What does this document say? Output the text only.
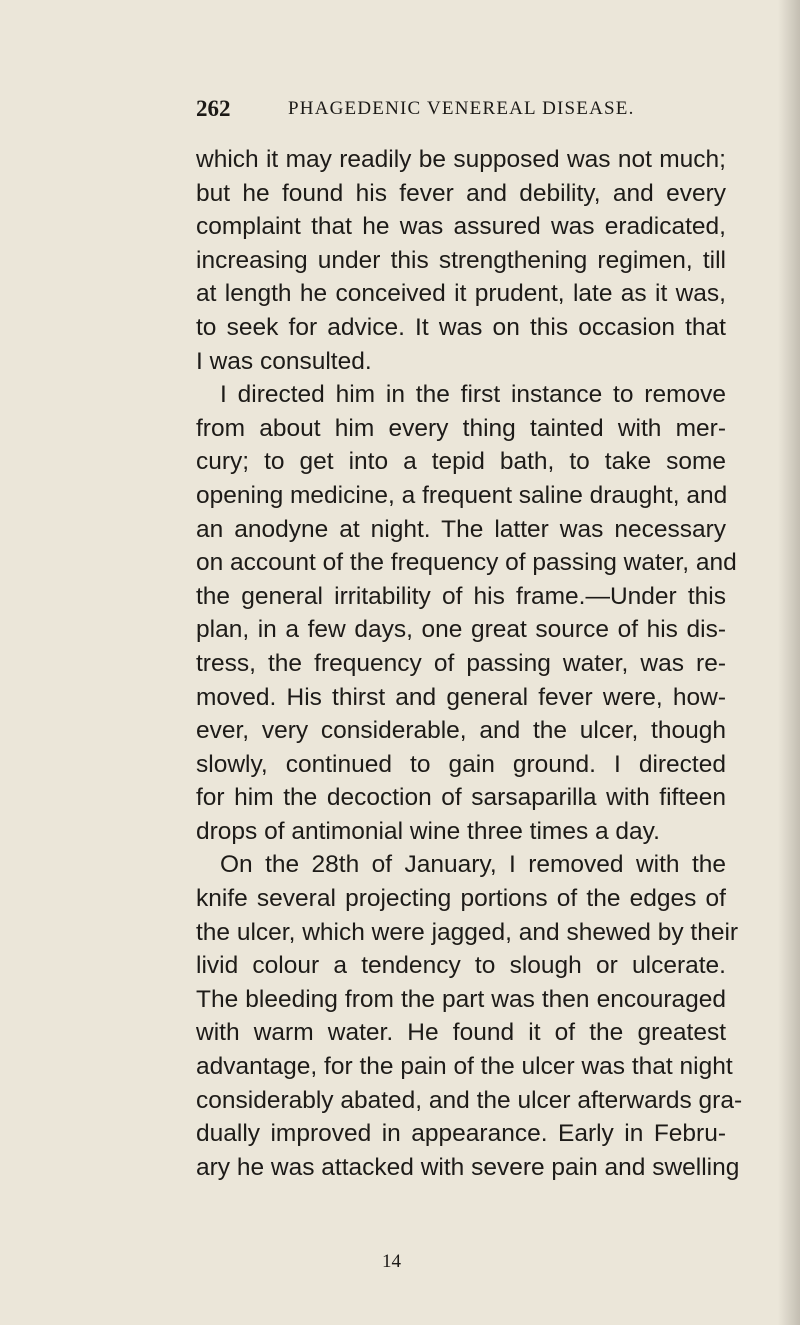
262	PHAGEDENIC VENEREAL DISEASE.
which it may readily be supposed was not much;
but he found his fever and debility, and every
complaint that he was assured was eradicated,
increasing under this strengthening regimen, till
at length he conceived it prudent, late as it was,
to seek for advice. It was on this occasion that
I was consulted.
I directed him in the first instance to remove
from about him every thing tainted with mer-
cury; to get into a tepid bath, to take some
opening medicine, a frequent saline draught, and
an anodyne at night. The latter was necessary
on account of the frequency of passing water, and
the general irritability of his frame.—Under this
plan, in a few days, one great source of his dis-
tress, the frequency of passing water, was re-
moved. His thirst and general fever were, how-
ever, very considerable, and the ulcer, though
slowly, continued to gain ground. I directed
for him the decoction of sarsaparilla with fifteen
drops of antimonial wine three times a day.
On the 28th of January, I removed with the
knife several projecting portions of the edges of
the ulcer, which were jagged, and shewed by their
livid colour a tendency to slough or ulcerate.
The bleeding from the part was then encouraged
with warm water. He found it of the greatest
advantage, for the pain of the ulcer was that night
considerably abated, and the ulcer afterwards gra-
dually improved in appearance. Early in Febru-
ary he was attacked with severe pain and swelling
14
